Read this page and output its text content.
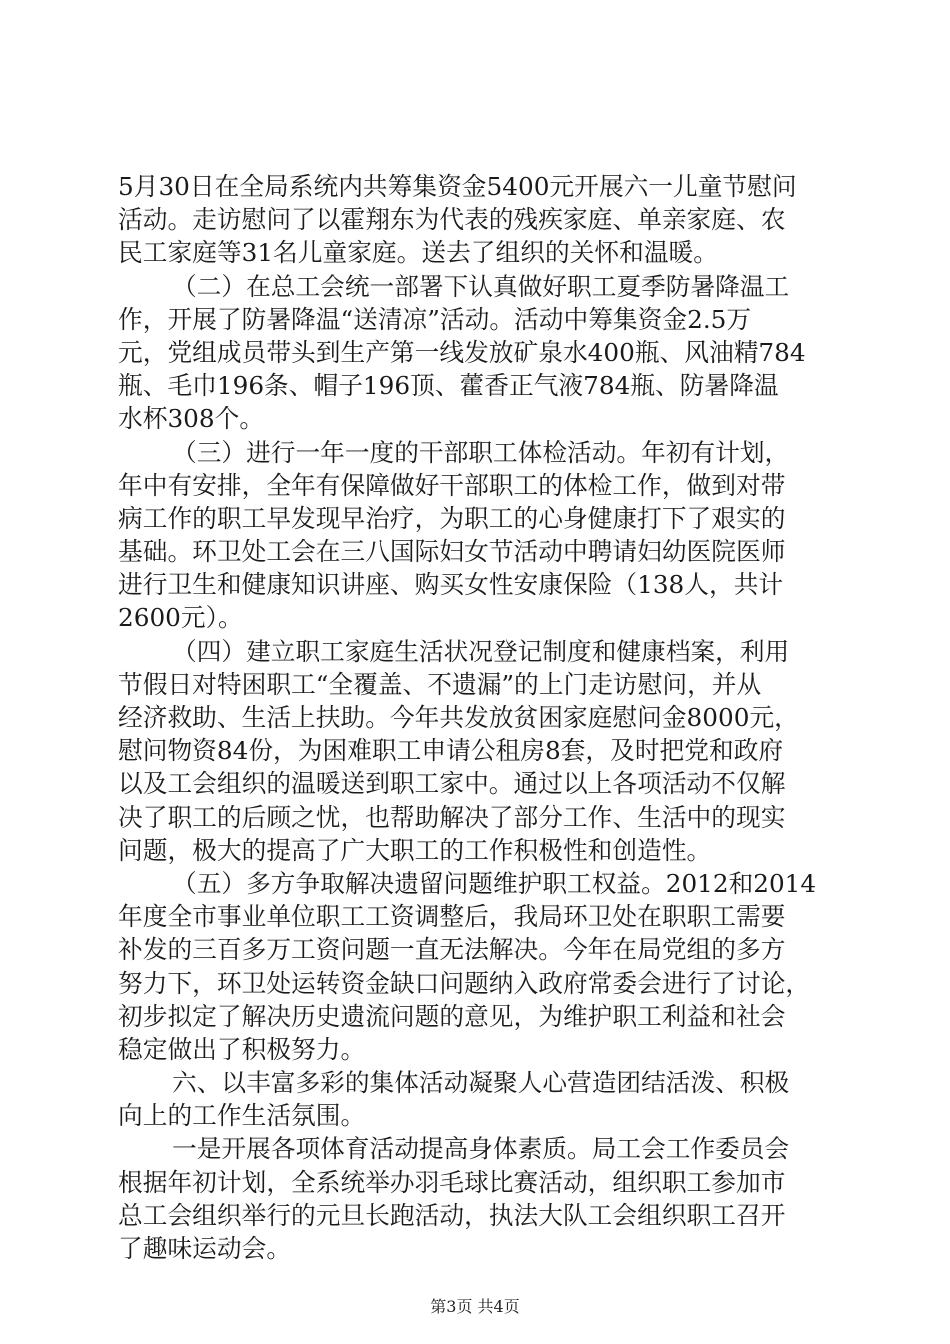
5月30日在全局系统内共筹集资金5400元开展六一儿童节慰问
活动。走访慰问了以霍翔东为代表的残疾家庭、单亲家庭、农
民工家庭等31名儿童家庭。送去了组织的关怀和温暖。
（二）在总工会统一部署下认真做好职工夏季防暑降温工
作，开展了防暑降温“送清凉”活动。活动中筹集资金2.5万
元，党组成员带头到生产第一线发放矿泉水400瓶、风油精784
瓶、毛巾196条、帽子196顶、藿香正气液784瓶、防暑降温
水杯308个。
（三）进行一年一度的干部职工体检活动。年初有计划，
年中有安排，全年有保障做好干部职工的体检工作，做到对带
病工作的职工早发现早治疗，为职工的心身健康打下了艰实的
基础。环卫处工会在三八国际妇女节活动中聘请妇幼医院医师
进行卫生和健康知识讲座、购买女性安康保险（138人，共计
2600元）。
（四）建立职工家庭生活状况登记制度和健康档案，利用
节假日对特困职工“全覆盖、不遗漏”的上门走访慰问，并从
经济救助、生活上扶助。今年共发放贫困家庭慰问金8000元，
慰问物资84份，为困难职工申请公租房8套，及时把党和政府
以及工会组织的温暖送到职工家中。通过以上各项活动不仅解
决了职工的后顾之忧，也帮助解决了部分工作、生活中的现实
问题，极大的提高了广大职工的工作积极性和创造性。
（五）多方争取解决遗留问题维护职工权益。2012和2014
年度全市事业单位职工工资调整后，我局环卫处在职职工需要
补发的三百多万工资问题一直无法解决。今年在局党组的多方
努力下，环卫处运转资金缺口问题纳入政府常委会进行了讨论，
初步拟定了解决历史遗流问题的意见，为维护职工利益和社会
稳定做出了积极努力。
六、以丰富多彩的集体活动凝聚人心营造团结活泼、积极
向上的工作生活氛围。
一是开展各项体育活动提高身体素质。局工会工作委员会
根据年初计划，全系统举办羽毛球比赛活动，组织职工参加市
总工会组织举行的元旦长跑活动，执法大队工会组织职工召开
了趣味运动会。
第3页 共4页
